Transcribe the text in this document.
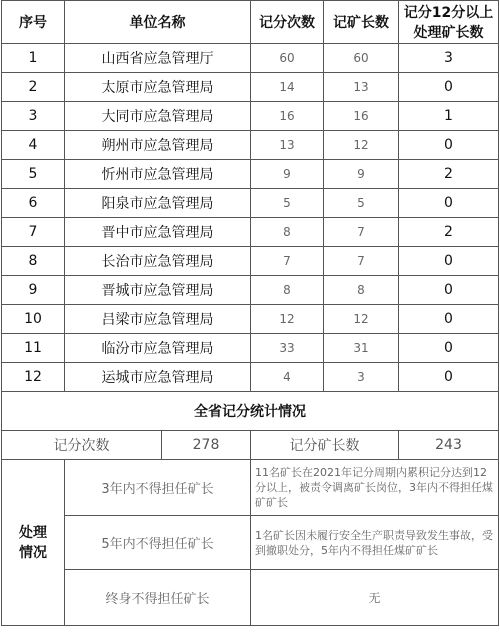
序号	单位名称		记分次数	记矿长数	记分12分以上处理矿长数
1	山西省应急管理厅		60	60	3
2	太原市应急管理局		14	13	0
3	大同市应急管理局		16	16	1
4	朔州市应急管理局		13	12	0
5	忻州市应急管理局		9	9	2
6	阳泉市应急管理局		5	5	0
7	晋中市应急管理局		8	7	2
8	长治市应急管理局		7	7	0
9	晋城市应急管理局		8	8	0
10	吕梁市应急管理局		12	12	0
11	临汾市应急管理局		33	31	0
12	运城市应急管理局		4	3	0
全省记分统计情况					
记分次数		278	记分矿长数		243

处理
情况	3年内不得担任矿长		11名矿长在2021年记分周期内累积记分达到12分以上，被责令调离矿长岗位，3年内不得担任煤矿矿长		
	5年内不得担任矿长		1名矿长因未履行安全生产职责导致发生事故，受到撤职处分，5年内不得担任煤矿矿长		
	终身不得担任矿长		无		
